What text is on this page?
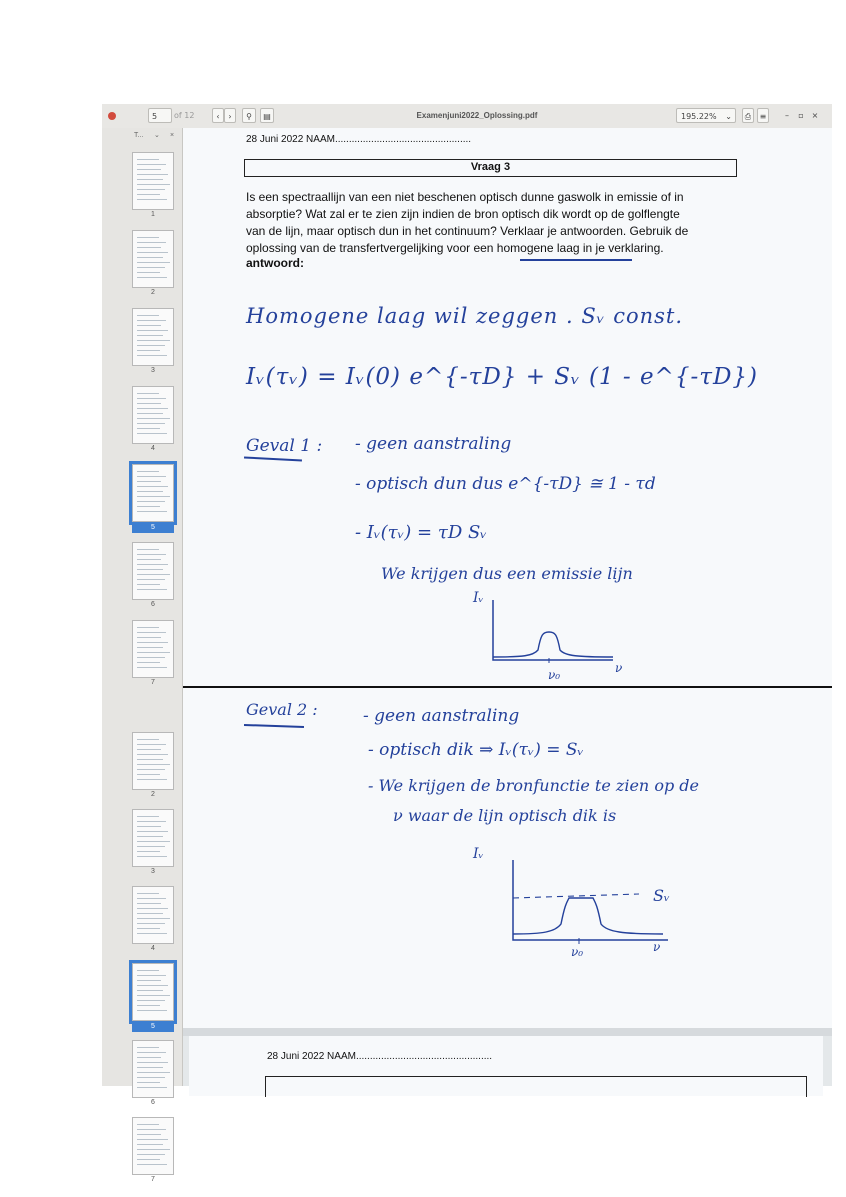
5	of 12	‹	›	⚲	▤	Examenjuni2022_Oplossing.pdf	195.22% ⌄	⎙	≡	–	▫ ×
T... ⌄ ×
1
2
3
4
5
6
7
2
3
4
5
6
7
28 Juni 2022 NAAM.................................................
Vraag 3
Is een spectraallijn van een niet beschenen optisch dunne gaswolk in emissie of in
absorptie? Wat zal er te zien zijn indien de bron optisch dik wordt op de golflengte
van de lijn, maar optisch dun in het continuum? Verklaar je antwoorden. Gebruik de
oplossing van de transfertvergelijking voor een homogene laag in je verklaring.
antwoord:
Homogene laag wil zeggen . Sᵥ const.
Iᵥ(τᵥ) = Iᵥ(0) e^{-τD} + Sᵥ (1 - e^{-τD})
Geval 1 : - geen aanstraling
- optisch dun dus e^{-τD} ≅ 1 - τd
- Iᵥ(τᵥ) = τD Sᵥ
We krijgen dus een emissie lijn
Iᵥ
ν₀	ν
Geval 2 :	- geen aanstraling
- optisch dik ⇒ Iᵥ(τᵥ) = Sᵥ
- We krijgen de bronfunctie te zien op de
ν waar de lijn optisch dik is
Iᵥ
Sᵥ
ν₀	ν
28 Juni 2022 NAAM.................................................
